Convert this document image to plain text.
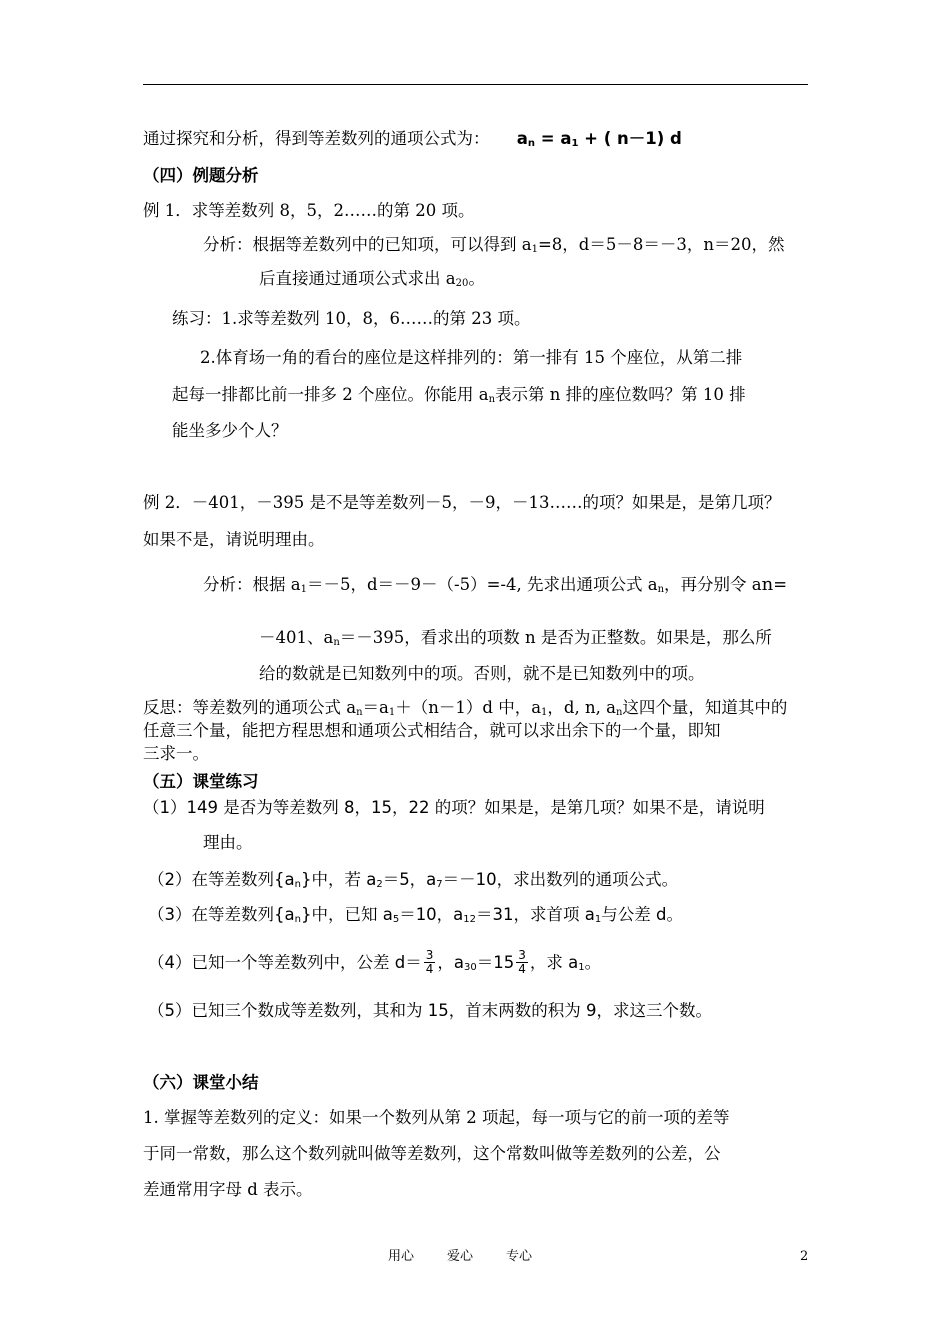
通过探究和分析，得到等差数列的通项公式为： $a_n = a_1$ + ( n－1) d
（四）例题分析
例 1．求等差数列 8，5，2……的第 20 项。
分析：根据等差数列中的已知项，可以得到 $a_1=8$，d＝5－8＝－3，n＝20，然
后直接通过通项公式求出 $a_{20}$。
练习：1.求等差数列 10，8，6……的第 23 项。
2.体育场一角的看台的座位是这样排列的：第一排有 15 个座位，从第二排
起每一排都比前一排多 2 个座位。你能用 $a_n$表示第 n 排的座位数吗？第 10 排
能坐多少个人？
例 2．－401，－395 是不是等差数列－5，－9，－13……的项？如果是，是第几项？
如果不是，请说明理由。
分析：根据 $a_1=-5$，d＝－9－（-5）=-4, 先求出通项公式 $a_n$，再分别令 an=
－401、$a_n=-395$，看求出的项数 n 是否为正整数。如果是，那么所
给的数就是已知数列中的项。否则，就不是已知数列中的项。
反思：等差数列的通项公式 $a_n=a_1+(n-1)d$ 中，$a_1$，d, n, $a_n$这四个量，知道其中的
任意三个量，能把方程思想和通项公式相结合，就可以求出余下的一个量，即知
三求一。
（五）课堂练习
（1）149 是否为等差数列 8，15，22 的项？如果是，是第几项？如果不是，请说明
理由。
（2）在等差数列$\{a_n\}$中，若 $a_2=5$，$a_7=-10$，求出数列的通项公式。
（3）在等差数列$\{a_n\}$中，已知 $a_5=10$，$a_{12}=31$，求首项 $a_1$与公差 d。
（4）已知一个等差数列中，公差 $d= \frac{3}{4}$ ，$a_{30}=15 \frac{3}{4}$ ，求 $a_1$。
（5）已知三个数成等差数列，其和为 15，首末两数的积为 9，求这三个数。
（六）课堂小结
1. 掌握等差数列的定义：如果一个数列从第 2 项起，每一项与它的前一项的差等
于同一常数，那么这个数列就叫做等差数列，这个常数叫做等差数列的公差，公
差通常用字母 d 表示。
用心	爱心	专心	2
